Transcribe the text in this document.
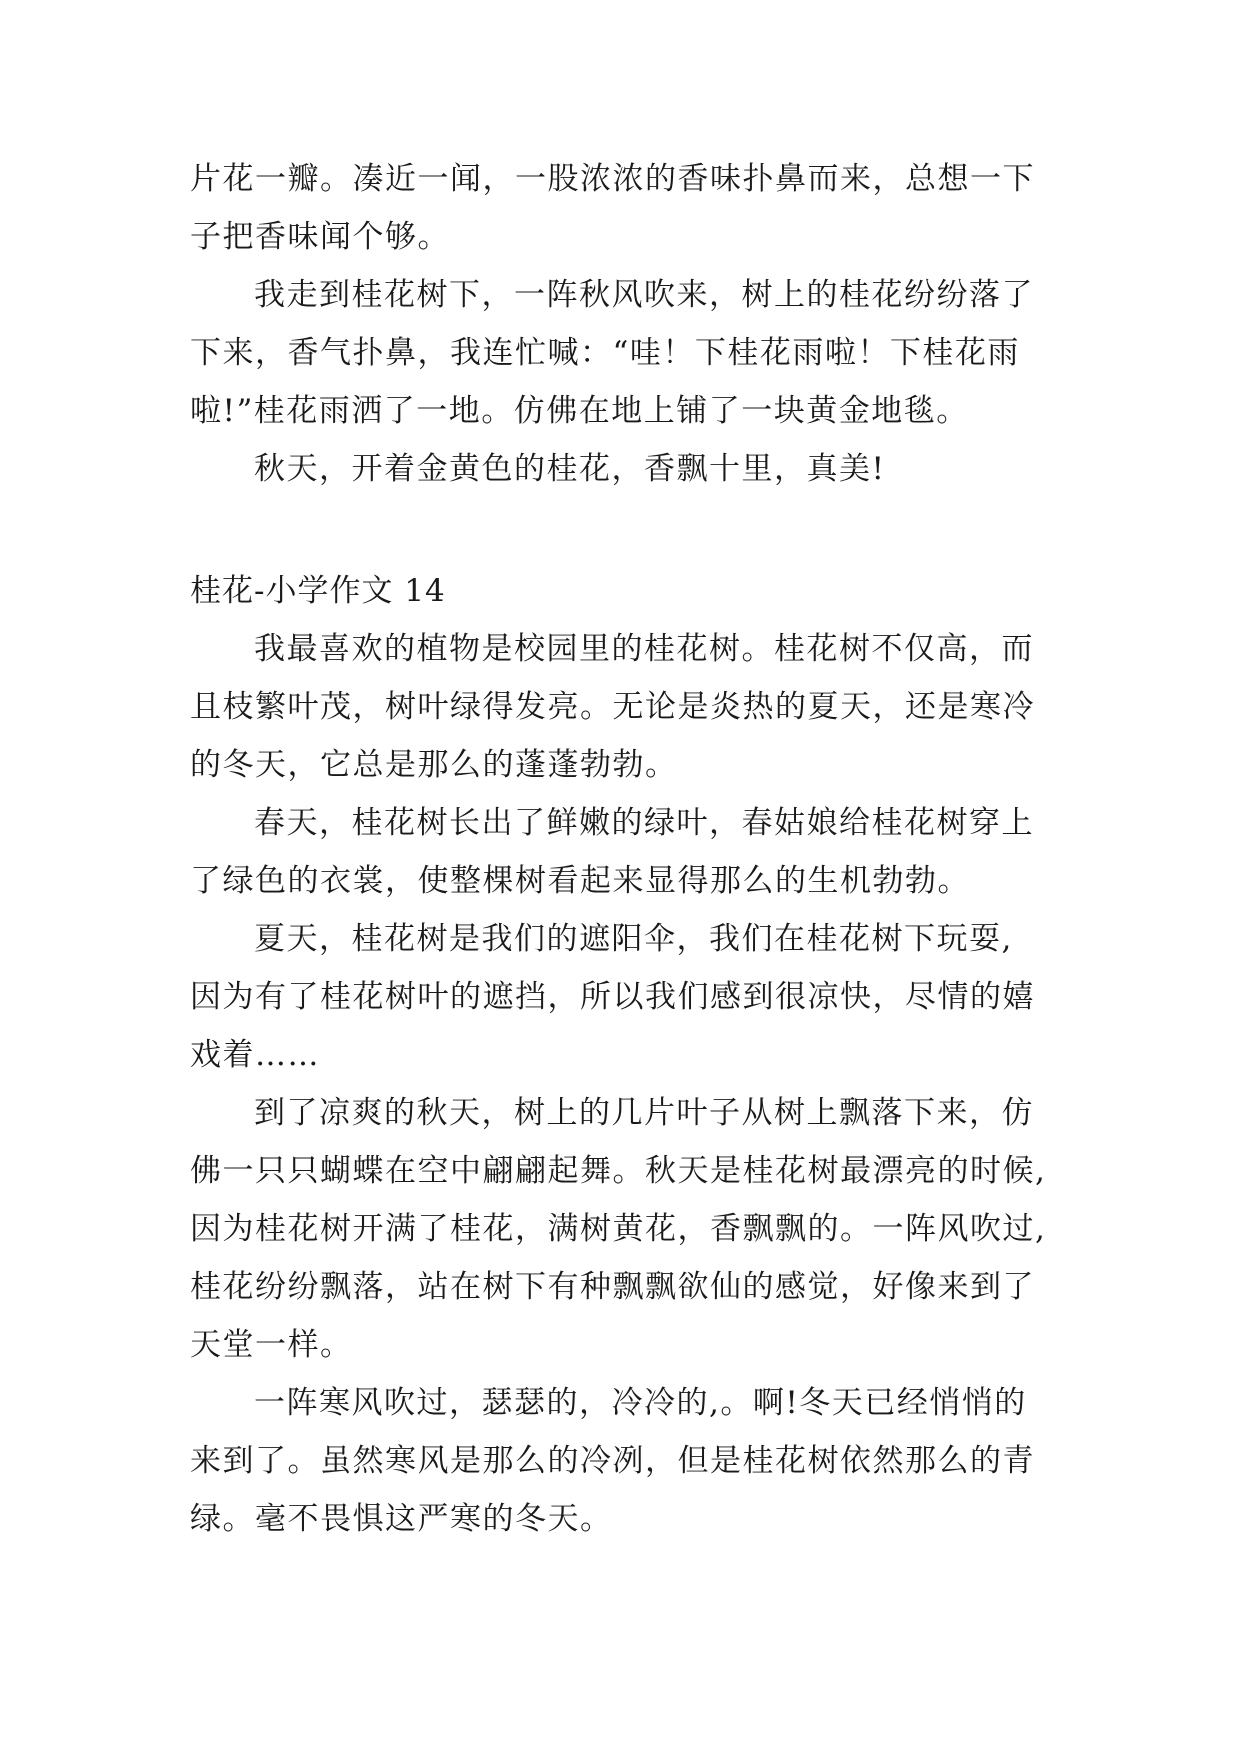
片花一瓣。凑近一闻，一股浓浓的香味扑鼻而来，总想一下
子把香味闻个够。
我走到桂花树下，一阵秋风吹来，树上的桂花纷纷落了
下来，香气扑鼻，我连忙喊：“哇！下桂花雨啦！下桂花雨
啦!”桂花雨洒了一地。仿佛在地上铺了一块黄金地毯。
秋天，开着金黄色的桂花，香飘十里，真美!
桂花-小学作文 14
我最喜欢的植物是校园里的桂花树。桂花树不仅高，而
且枝繁叶茂，树叶绿得发亮。无论是炎热的夏天，还是寒冷
的冬天，它总是那么的蓬蓬勃勃。
春天，桂花树长出了鲜嫩的绿叶，春姑娘给桂花树穿上
了绿色的衣裳，使整棵树看起来显得那么的生机勃勃。
夏天，桂花树是我们的遮阳伞，我们在桂花树下玩耍,
因为有了桂花树叶的遮挡，所以我们感到很凉快，尽情的嬉
戏着……
到了凉爽的秋天，树上的几片叶子从树上飘落下来，仿
佛一只只蝴蝶在空中翩翩起舞。秋天是桂花树最漂亮的时候,
因为桂花树开满了桂花，满树黄花，香飘飘的。一阵风吹过,
桂花纷纷飘落，站在树下有种飘飘欲仙的感觉，好像来到了
天堂一样。
一阵寒风吹过，瑟瑟的，冷冷的,。啊!冬天已经悄悄的
来到了。虽然寒风是那么的冷冽，但是桂花树依然那么的青
绿。毫不畏惧这严寒的冬天。
